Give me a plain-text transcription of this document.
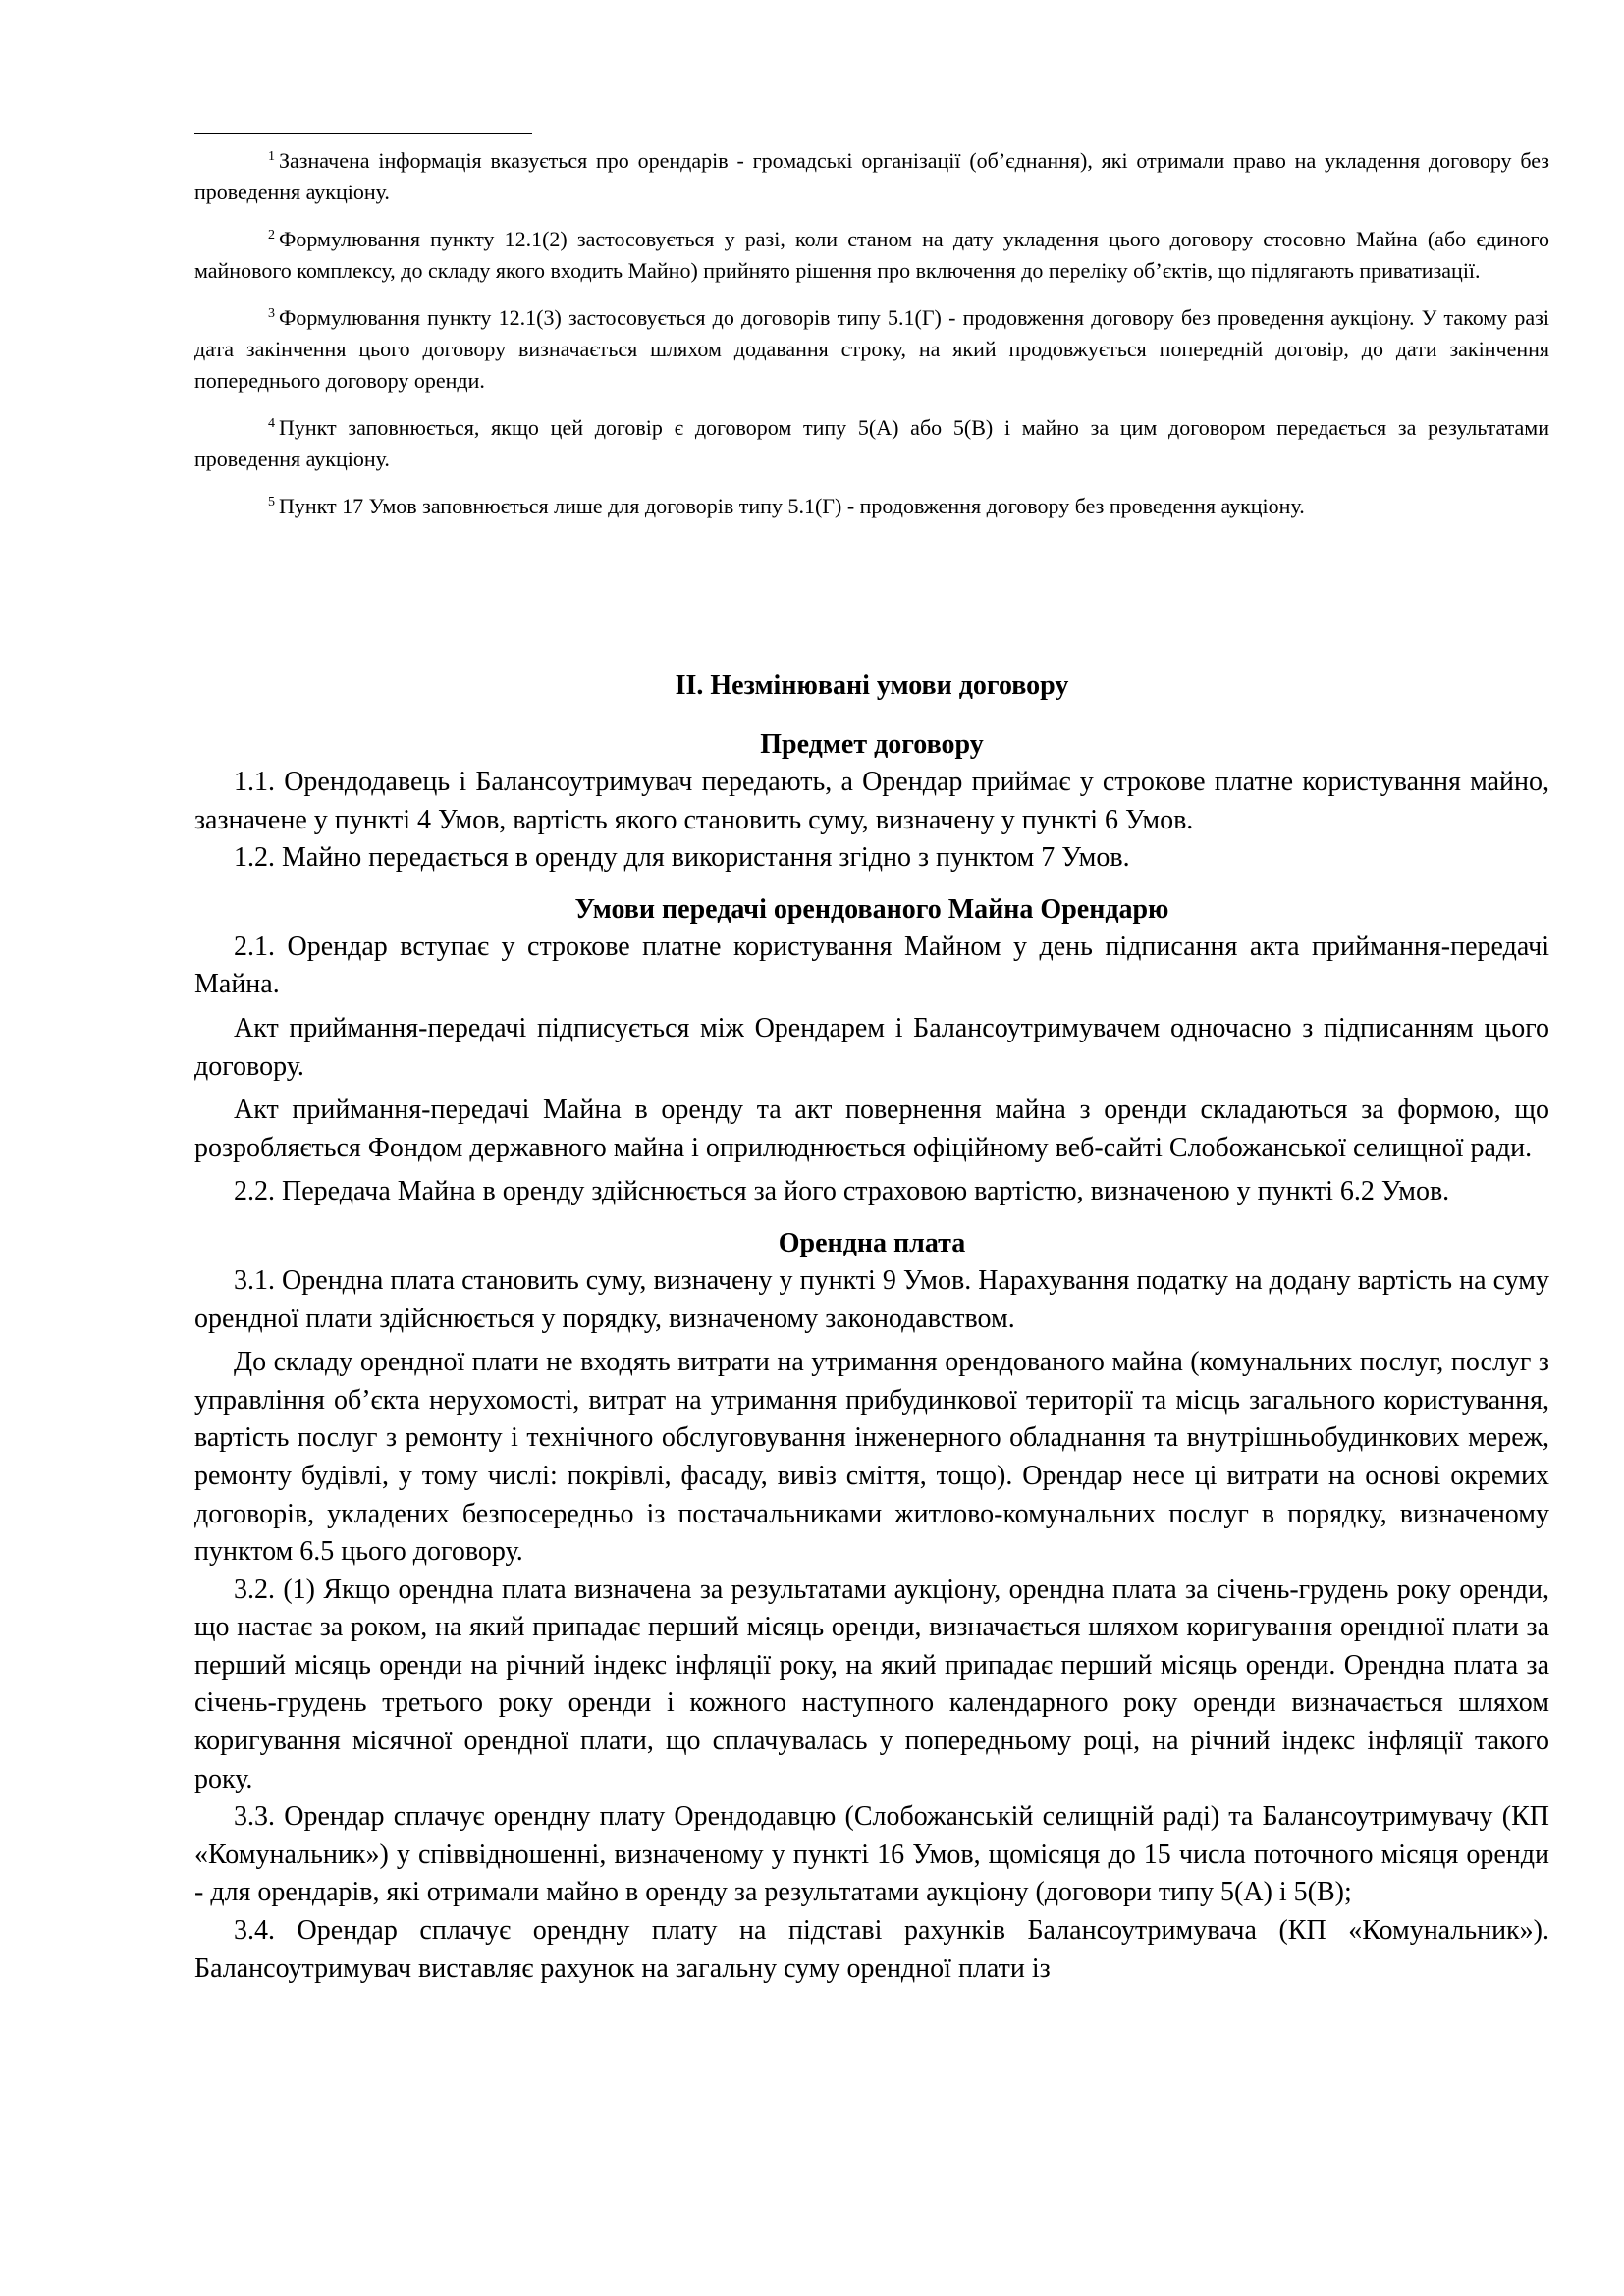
$^1$ Зазначена інформація вказується про орендарів - громадські організації (об’єднання), які отримали право на укладення договору без проведення аукціону.

$^2$ Формулювання пункту 12.1(2) застосовується у разі, коли станом на дату укладення цього договору стосовно Майна (або єдиного майнового комплексу, до складу якого входить Майно) прийнято рішення про включення до переліку об’єктів, що підлягають приватизації.

$^3$ Формулювання пункту 12.1(3) застосовується до договорів типу 5.1(Г) - продовження договору без проведення аукціону. У такому разі дата закінчення цього договору визначається шляхом додавання строку, на який продовжується попередній договір, до дати закінчення попереднього договору оренди.

$^4$ Пункт заповнюється, якщо цей договір є договором типу 5(А) або 5(В) і майно за цим договором передається за результатами проведення аукціону.

$^5$ Пункт 17 Умов заповнюється лише для договорів типу 5.1(Г) - продовження договору без проведення аукціону.

ІІ. Незмінювані умови договору
Предмет договору

1.1. Орендодавець і Балансоутримувач передають, а Орендар приймає у строкове платне користування майно, зазначене у пункті 4 Умов, вартість якого становить суму, визначену у пункті 6 Умов.

1.2. Майно передається в оренду для використання згідно з пунктом 7 Умов.

Умови передачі орендованого Майна Орендарю

2.1. Орендар вступає у строкове платне користування Майном у день підписання акта приймання-передачі Майна.

Акт приймання-передачі підписується між Орендарем і Балансоутримувачем одночасно з підписанням цього договору.

Акт приймання-передачі Майна в оренду та акт повернення майна з оренди складаються за формою, що розробляється Фондом державного майна і оприлюднюється офіційному веб-сайті Слобожанської селищної ради.

2.2. Передача Майна в оренду здійснюється за його страховою вартістю, визначеною у пункті 6.2 Умов.

Орендна плата

3.1. Орендна плата становить суму, визначену у пункті 9 Умов. Нарахування податку на додану вартість на суму орендної плати здійснюється у порядку, визначеному законодавством.

До складу орендної плати не входять витрати на утримання орендованого майна (комунальних послуг, послуг з управління об’єкта нерухомості, витрат на утримання прибудинкової території та місць загального користування, вартість послуг з ремонту і технічного обслуговування інженерного обладнання та внутрішньобудинкових мереж, ремонту будівлі, у тому числі: покрівлі, фасаду, вивіз сміття, тощо). Орендар несе ці витрати на основі окремих договорів, укладених безпосередньо із постачальниками житлово-комунальних послуг в порядку, визначеному пунктом 6.5 цього договору.

3.2. (1) Якщо орендна плата визначена за результатами аукціону, орендна плата за січень-грудень року оренди, що настає за роком, на який припадає перший місяць оренди, визначається шляхом коригування орендної плати за перший місяць оренди на річний індекс інфляції року, на який припадає перший місяць оренди. Орендна плата за січень-грудень третього року оренди і кожного наступного календарного року оренди визначається шляхом коригування місячної орендної плати, що сплачувалась у попередньому році, на річний індекс інфляції такого року.

3.3. Орендар сплачує орендну плату Орендодавцю (Слобожанській селищній раді) та Балансоутримувачу (КП «Комунальник») у співвідношенні, визначеному у пункті 16 Умов, щомісяця до 15 числа поточного місяця оренди - для орендарів, які отримали майно в оренду за результатами аукціону (договори типу 5(А) і 5(В);

3.4. Орендар сплачує орендну плату на підставі рахунків Балансоутримувача (КП «Комунальник»). Балансоутримувач виставляє рахунок на загальну суму орендної плати із
